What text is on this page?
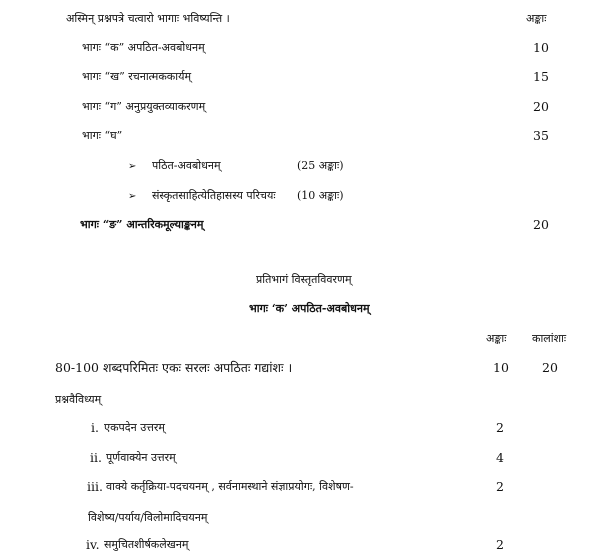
अस्मिन् प्रश्नपत्रे चत्वारो भागाः भविष्यन्ति ।	अङ्काः
भागः “क” अपठित-अवबोधनम्	10
भागः “ख” रचनात्मककार्यम्	15
भागः “ग” अनुप्रयुक्तव्याकरणम्	20
भागः “घ”	35
➢ पठित-अवबोधनम्	(25 अङ्काः)
➢ संस्कृतसाहित्येतिहासस्य परिचयः (10 अङ्काः)
भागः “ङ” आन्तरिकमूल्याङ्कनम्	20
प्रतिभागं विस्तृतविवरणम्
भागः ‘क’ अपठित-अवबोधनम्
अङ्काः कालांशाः
80-100 शब्दपरिमितः एकः सरलः अपठितः गद्यांशः ।	10	20
प्रश्नवैविध्यम्
i. एकपदेन उत्तरम्	2
ii. पूर्णवाक्येन उत्तरम्	4
iii. वाक्ये कर्तृक्रिया-पदचयनम् , सर्वनामस्थाने संज्ञाप्रयोगः, विशेषण-	2
विशेष्य/पर्याय/विलोमादिचयनम्
iv. समुचितशीर्षकलेखनम्	2
